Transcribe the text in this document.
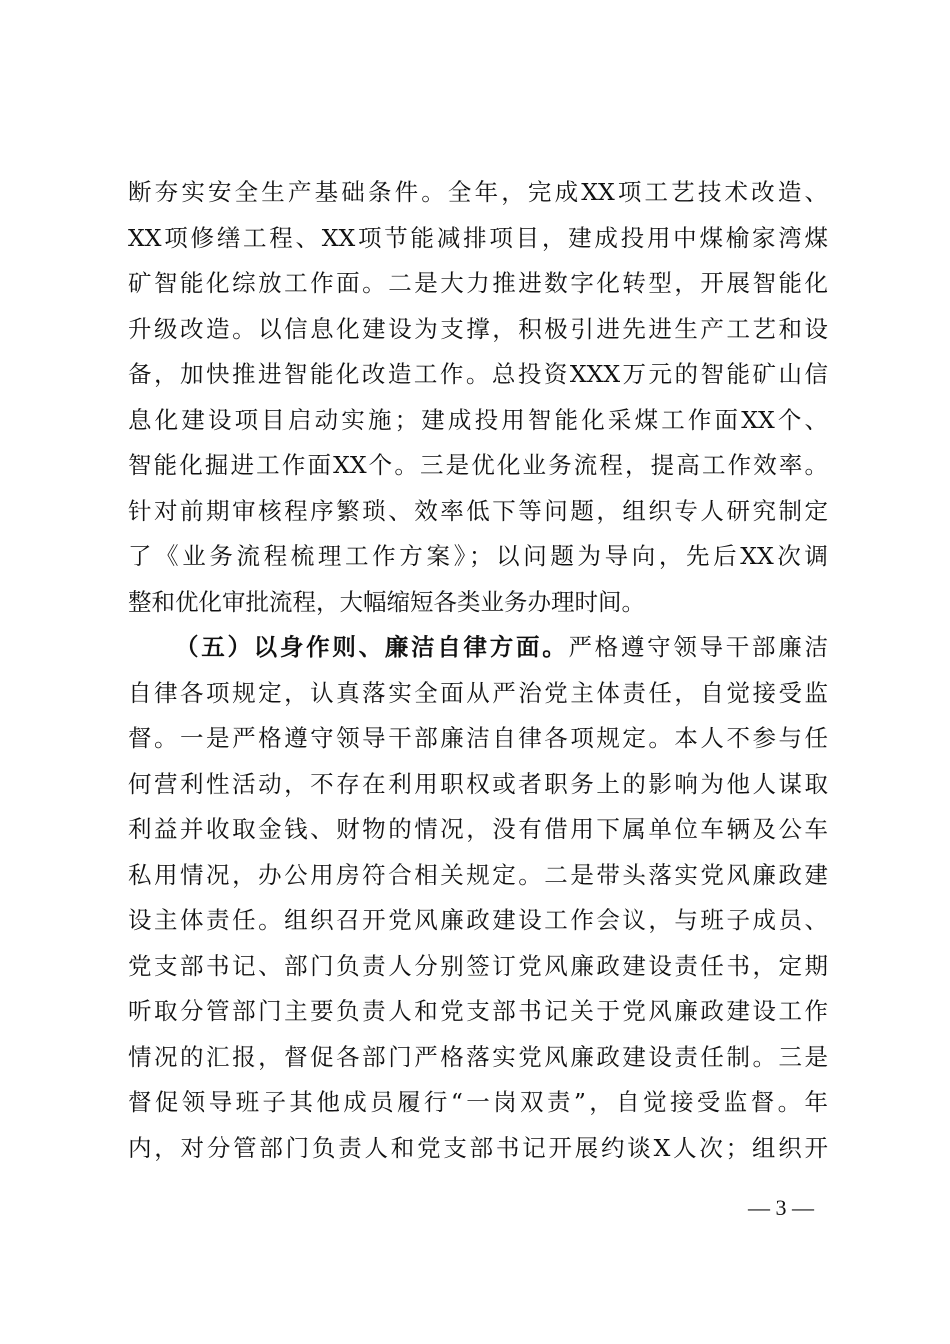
断夯实安全生产基础条件。全年，完成XX项工艺技术改造、
XX项修缮工程、XX项节能减排项目，建成投用中煤榆家湾煤
矿智能化综放工作面。二是大力推进数字化转型，开展智能化
升级改造。以信息化建设为支撑，积极引进先进生产工艺和设
备，加快推进智能化改造工作。总投资XXX万元的智能矿山信
息化建设项目启动实施；建成投用智能化采煤工作面XX个、
智能化掘进工作面XX个。三是优化业务流程，提高工作效率。
针对前期审核程序繁琐、效率低下等问题，组织专人研究制定
了《业务流程梳理工作方案》；以问题为导向，先后XX次调
整和优化审批流程，大幅缩短各类业务办理时间。
（五）以身作则、廉洁自律方面。严格遵守领导干部廉洁
自律各项规定，认真落实全面从严治党主体责任，自觉接受监
督。一是严格遵守领导干部廉洁自律各项规定。本人不参与任
何营利性活动，不存在利用职权或者职务上的影响为他人谋取
利益并收取金钱、财物的情况，没有借用下属单位车辆及公车
私用情况，办公用房符合相关规定。二是带头落实党风廉政建
设主体责任。组织召开党风廉政建设工作会议，与班子成员、
党支部书记、部门负责人分别签订党风廉政建设责任书，定期
听取分管部门主要负责人和党支部书记关于党风廉政建设工作
情况的汇报，督促各部门严格落实党风廉政建设责任制。三是
督促领导班子其他成员履行“一岗双责”，自觉接受监督。年
内，对分管部门负责人和党支部书记开展约谈X人次；组织开
— 3 —
